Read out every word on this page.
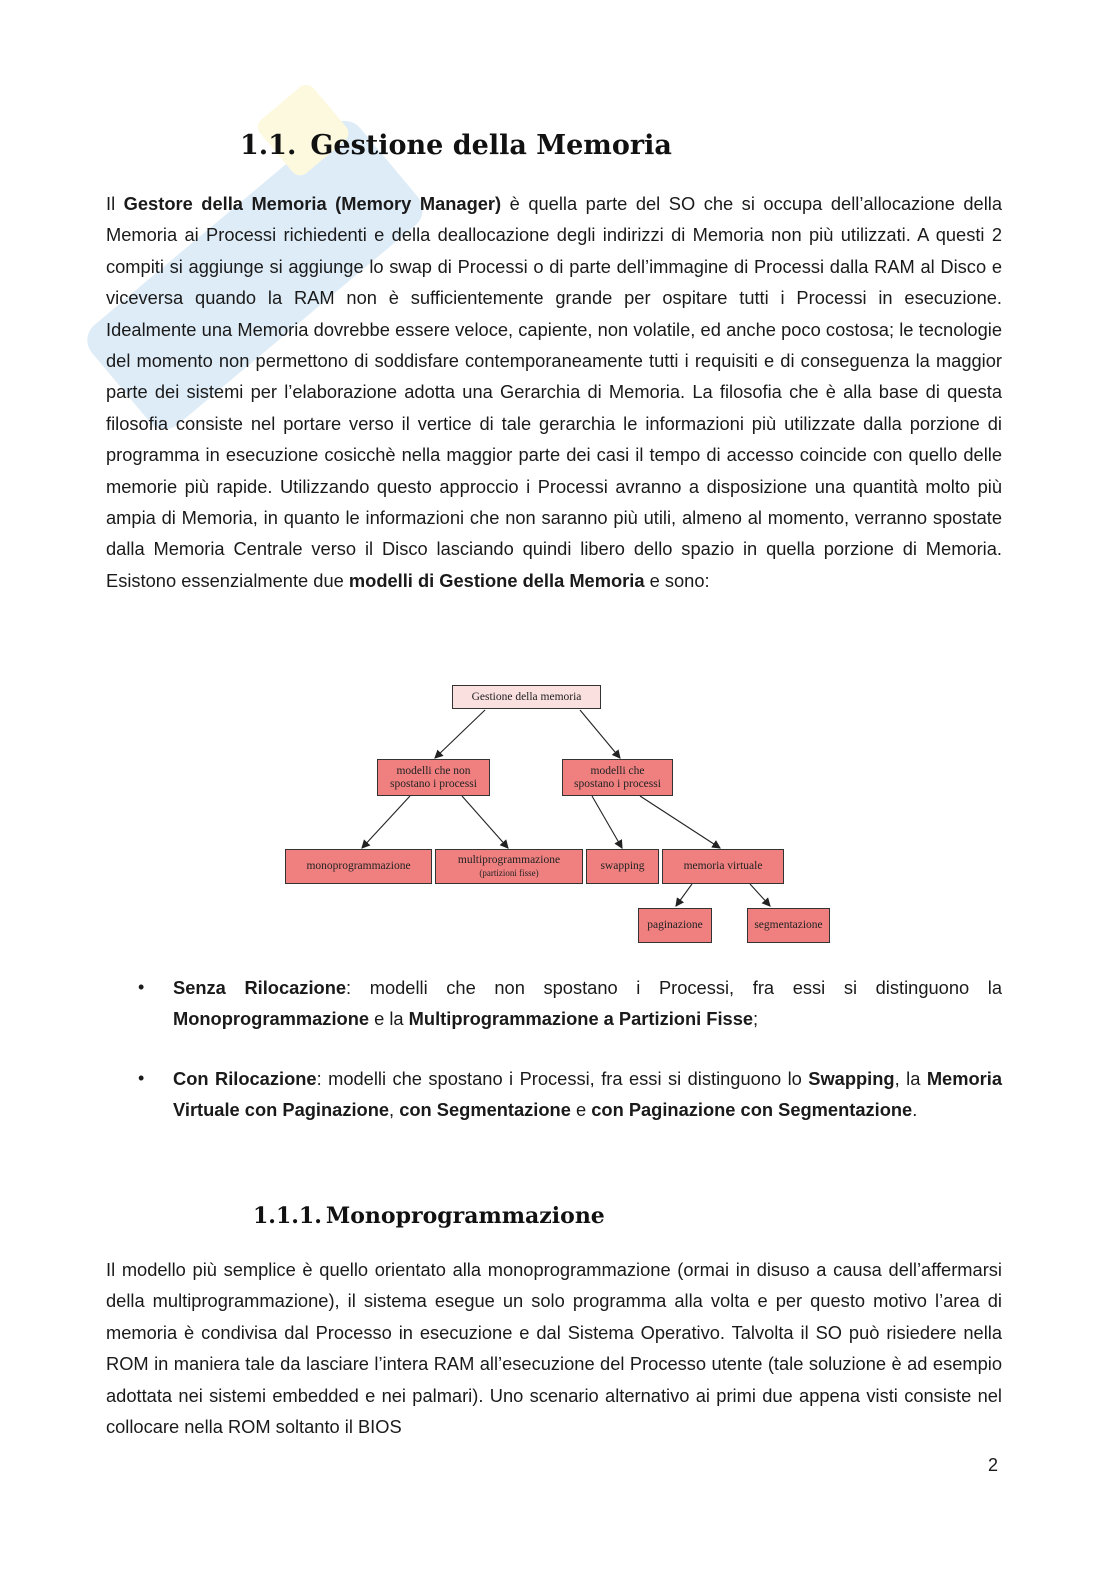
1.1. Gestione della Memoria

Il Gestore della Memoria (Memory Manager) è quella parte del SO che si occupa dell’allocazione della Memoria ai Processi richiedenti e della deallocazione degli indirizzi di Memoria non più utilizzati. A questi 2 compiti si aggiunge si aggiunge lo swap di Processi o di parte dell’immagine di Processi dalla RAM al Disco e viceversa quando la RAM non è sufficientemente grande per ospitare tutti i Processi in esecuzione. Idealmente una Memoria dovrebbe essere veloce, capiente, non volatile, ed anche poco costosa; le tecnologie del momento non permettono di soddisfare contemporaneamente tutti i requisiti e di conseguenza la maggior parte dei sistemi per l’elaborazione adotta una Gerarchia di Memoria. La filosofia che è alla base di questa filosofia consiste nel portare verso il vertice di tale gerarchia le informazioni più utilizzate dalla porzione di programma in esecuzione cosicchè nella maggior parte dei casi il tempo di accesso coincide con quello delle memorie più rapide. Utilizzando questo approccio i Processi avranno a disposizione una quantità molto più ampia di Memoria, in quanto le informazioni che non saranno più utili, almeno al momento, verranno spostate dalla Memoria Centrale verso il Disco lasciando quindi libero dello spazio in quella porzione di Memoria. Esistono essenzialmente due modelli di Gestione della Memoria e sono:

Gestione della memoria
modelli che non
spostano i processi
modelli che
spostano i processi
monoprogrammazione
multiprogrammazione
(partizioni fisse)
swapping	memoria virtuale
paginazione	segmentazione
• Senza Rilocazione: modelli che non spostano i Processi, fra essi si distinguono la Monoprogrammazione e la Multiprogrammazione a Partizioni Fisse;
• Con Rilocazione: modelli che spostano i Processi, fra essi si distinguono lo Swapping, la Memoria Virtuale con Paginazione, con Segmentazione e con Paginazione con Segmentazione.
1.1.1. Monoprogrammazione

Il modello più semplice è quello orientato alla monoprogrammazione (ormai in disuso a causa dell’affermarsi della multiprogrammazione), il sistema esegue un solo programma alla volta e per questo motivo l’area di memoria è condivisa dal Processo in esecuzione e dal Sistema Operativo. Talvolta il SO può risiedere nella ROM in maniera tale da lasciare l’intera RAM all’esecuzione del Processo utente (tale soluzione è ad esempio adottata nei sistemi embedded e nei palmari). Uno scenario alternativo ai primi due appena visti consiste nel collocare nella ROM soltanto il BIOS

2
